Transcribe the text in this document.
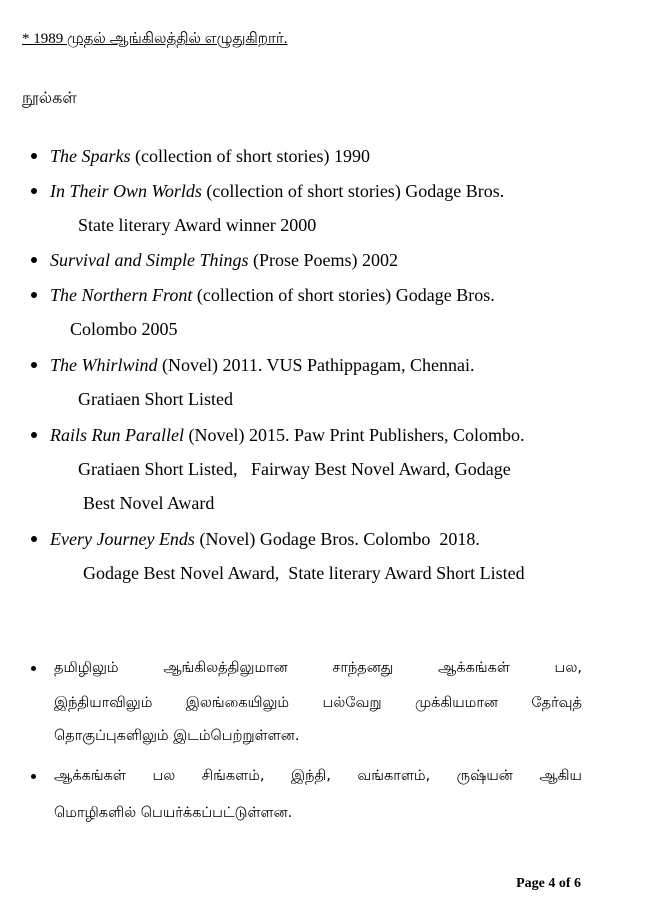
* 1989 முதல் ஆங்கிலத்தில் எழுதுகிறார்.
நூல்கள்
The Sparks (collection of short stories) 1990
In Their Own Worlds (collection of short stories) Godage Bros.
State literary Award winner 2000
Survival and Simple Things (Prose Poems) 2002
The Northern Front (collection of short stories) Godage Bros.
Colombo 2005
The Whirlwind (Novel) 2011. VUS Pathippagam, Chennai.
Gratiaen Short Listed
Rails Run Parallel (Novel) 2015. Paw Print Publishers, Colombo.
Gratiaen Short Listed,   Fairway Best Novel Award, Godage
Best Novel Award
Every Journey Ends (Novel) Godage Bros. Colombo  2018.
Godage Best Novel Award,  State literary Award Short Listed
தமிழிலும் ஆங்கிலத்திலுமான சாந்தனது ஆக்கங்கள் பல,
இந்தியாவிலும் இலங்கையிலும் பல்வேறு முக்கியமான தேர்வுத்
தொகுப்புகளிலும் இடம்பெற்றுள்ளன.
ஆக்கங்கள் பல சிங்களம், இந்தி, வங்காளம், ருஷ்யன் ஆகிய
மொழிகளில் பெயர்க்கப்பட்டுள்ளன.
Page 4 of 6
